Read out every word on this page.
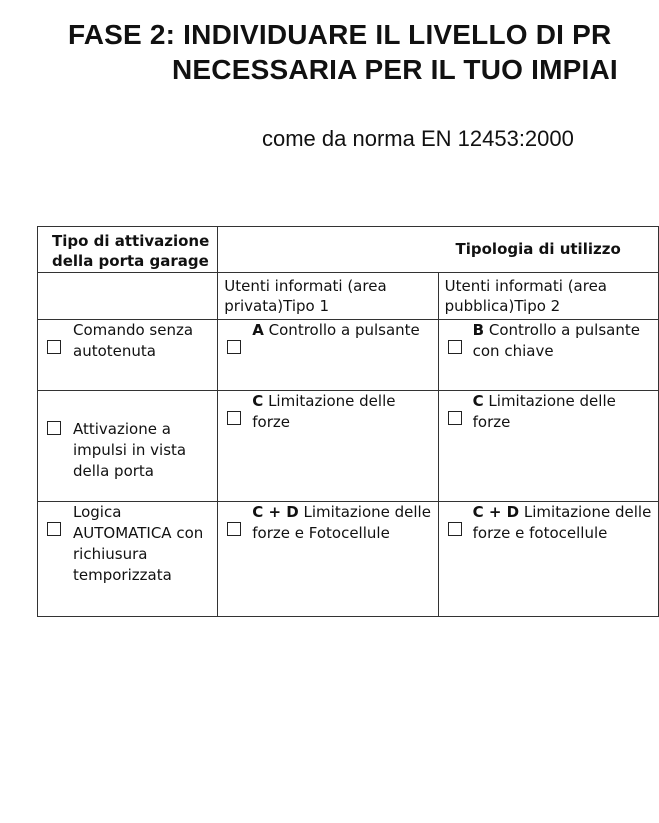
FASE 2: INDIVIDUARE IL LIVELLO DI PR
NECESSARIA PER IL TUO IMPIAI
come da norma EN 12453:2000
Tipo di attivazione della porta garage	Tipologia di utilizzo	
	Utenti informati (area privata)Tipo 1	Utenti informati (area pubblica)Tipo 2

Comando senza autotenuta	A Controllo a pulsante	B Controllo a pulsante con chiave

Attivazione a impulsi in vista della porta	C Limitazione delle forze	C Limitazione delle forze

Logica AUTOMATICA con richiusura temporizzata	C + D Limitazione delle forze e Fotocellule	C + D Limitazione delle forze e fotocellule
